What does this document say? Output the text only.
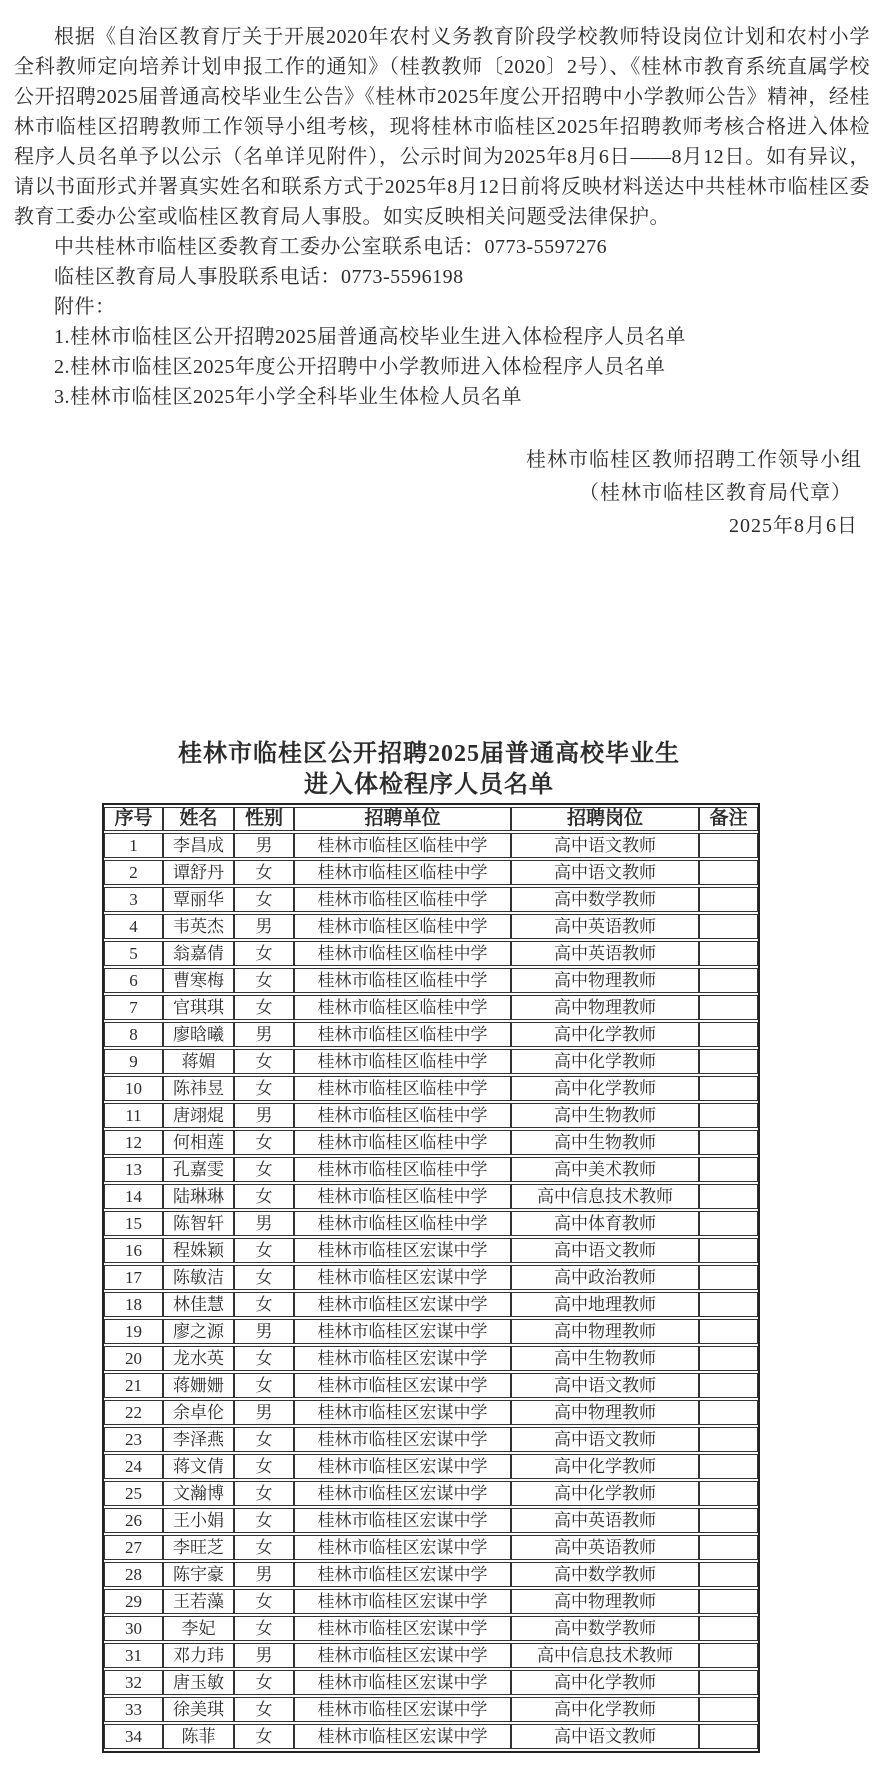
根据《自治区教育厅关于开展2020年农村义务教育阶段学校教师特设岗位计划和农村小学全科教师定向培养计划申报工作的通知》（桂教教师〔2020〕2号）、《桂林市教育系统直属学校公开招聘2025届普通高校毕业生公告》《桂林市2025年度公开招聘中小学教师公告》精神，经桂林市临桂区招聘教师工作领导小组考核，现将桂林市临桂区2025年招聘教师考核合格进入体检程序人员名单予以公示（名单详见附件），公示时间为2025年8月6日——8月12日。如有异议，请以书面形式并署真实姓名和联系方式于2025年8月12日前将反映材料送达中共桂林市临桂区委教育工委办公室或临桂区教育局人事股。如实反映相关问题受法律保护。

中共桂林市临桂区委教育工委办公室联系电话：0773-5597276

临桂区教育局人事股联系电话：0773-5596198

附件：

1.桂林市临桂区公开招聘2025届普通高校毕业生进入体检程序人员名单

2.桂林市临桂区2025年度公开招聘中小学教师进入体检程序人员名单

3.桂林市临桂区2025年小学全科毕业生体检人员名单

桂林市临桂区教师招聘工作领导小组

（桂林市临桂区教育局代章）

2025年8月6日

桂林市临桂区公开招聘2025届普通高校毕业生
进入体检程序人员名单
序号	姓名	性别	招聘单位	招聘岗位	备注
1	李昌成	男	桂林市临桂区临桂中学	高中语文教师	
2	谭舒丹	女	桂林市临桂区临桂中学	高中语文教师	
3	覃丽华	女	桂林市临桂区临桂中学	高中数学教师	
4	韦英杰	男	桂林市临桂区临桂中学	高中英语教师	
5	翁嘉倩	女	桂林市临桂区临桂中学	高中英语教师	
6	曹寒梅	女	桂林市临桂区临桂中学	高中物理教师	
7	官琪琪	女	桂林市临桂区临桂中学	高中物理教师	
8	廖晗曦	男	桂林市临桂区临桂中学	高中化学教师	
9	蒋媚	女	桂林市临桂区临桂中学	高中化学教师	
10	陈祎昱	女	桂林市临桂区临桂中学	高中化学教师	
11	唐翊焜	男	桂林市临桂区临桂中学	高中生物教师	
12	何相莲	女	桂林市临桂区临桂中学	高中生物教师	
13	孔嘉雯	女	桂林市临桂区临桂中学	高中美术教师	
14	陆琳琳	女	桂林市临桂区临桂中学	高中信息技术教师	
15	陈智轩	男	桂林市临桂区临桂中学	高中体育教师	
16	程姝颖	女	桂林市临桂区宏谋中学	高中语文教师	
17	陈敏洁	女	桂林市临桂区宏谋中学	高中政治教师	
18	林佳慧	女	桂林市临桂区宏谋中学	高中地理教师	
19	廖之源	男	桂林市临桂区宏谋中学	高中物理教师	
20	龙水英	女	桂林市临桂区宏谋中学	高中生物教师	
21	蒋姗姗	女	桂林市临桂区宏谋中学	高中语文教师	
22	余卓伦	男	桂林市临桂区宏谋中学	高中物理教师	
23	李泽燕	女	桂林市临桂区宏谋中学	高中语文教师	
24	蒋文倩	女	桂林市临桂区宏谋中学	高中化学教师	
25	文瀚博	女	桂林市临桂区宏谋中学	高中化学教师	
26	王小娟	女	桂林市临桂区宏谋中学	高中英语教师	
27	李旺芝	女	桂林市临桂区宏谋中学	高中英语教师	
28	陈宇豪	男	桂林市临桂区宏谋中学	高中数学教师	
29	王若藻	女	桂林市临桂区宏谋中学	高中物理教师	
30	李妃	女	桂林市临桂区宏谋中学	高中数学教师	
31	邓力玮	男	桂林市临桂区宏谋中学	高中信息技术教师	
32	唐玉敏	女	桂林市临桂区宏谋中学	高中化学教师	
33	徐美琪	女	桂林市临桂区宏谋中学	高中化学教师	
34	陈菲	女	桂林市临桂区宏谋中学	高中语文教师	
